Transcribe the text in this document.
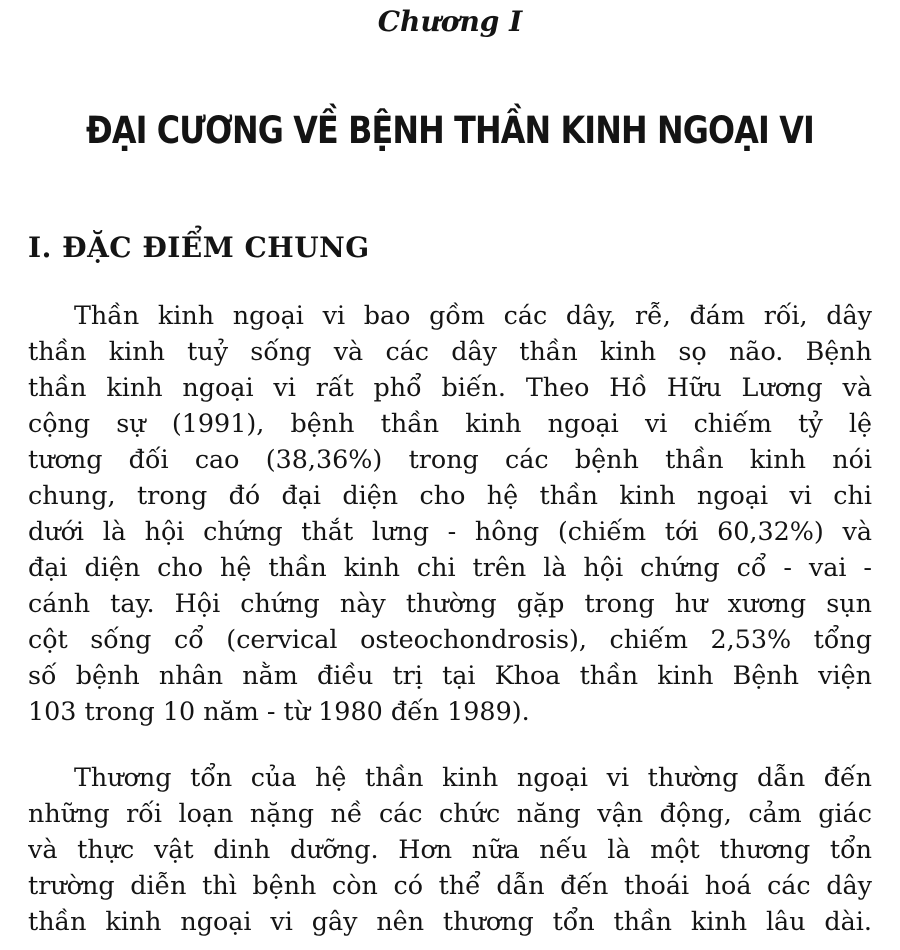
Chương I
ĐẠI CƯƠNG VỀ BỆNH THẦN KINH NGOẠI VI
I. ĐẶC ĐIỂM CHUNG
Thần kinh ngoại vi bao gồm các dây, rễ, đám rối, dây
thần kinh tuỷ sống và các dây thần kinh sọ não. Bệnh
thần kinh ngoại vi rất phổ biến. Theo Hồ Hữu Lương và
cộng sự (1991), bệnh thần kinh ngoại vi chiếm tỷ lệ
tương đối cao (38,36%) trong các bệnh thần kinh nói
chung, trong đó đại diện cho hệ thần kinh ngoại vi chi
dưới là hội chứng thắt lưng - hông (chiếm tới 60,32%) và
đại diện cho hệ thần kinh chi trên là hội chứng cổ - vai -
cánh tay. Hội chứng này thường gặp trong hư xương sụn
cột sống cổ (cervical osteochondrosis), chiếm 2,53% tổng
số bệnh nhân nằm điều trị tại Khoa thần kinh Bệnh viện
103 trong 10 năm - từ 1980 đến 1989).
Thương tổn của hệ thần kinh ngoại vi thường dẫn đến
những rối loạn nặng nề các chức năng vận động, cảm giác
và thực vật dinh dưỡng. Hơn nữa nếu là một thương tổn
trường diễn thì bệnh còn có thể dẫn đến thoái hoá các dây
thần kinh ngoại vi gây nên thương tổn thần kinh lâu dài.
